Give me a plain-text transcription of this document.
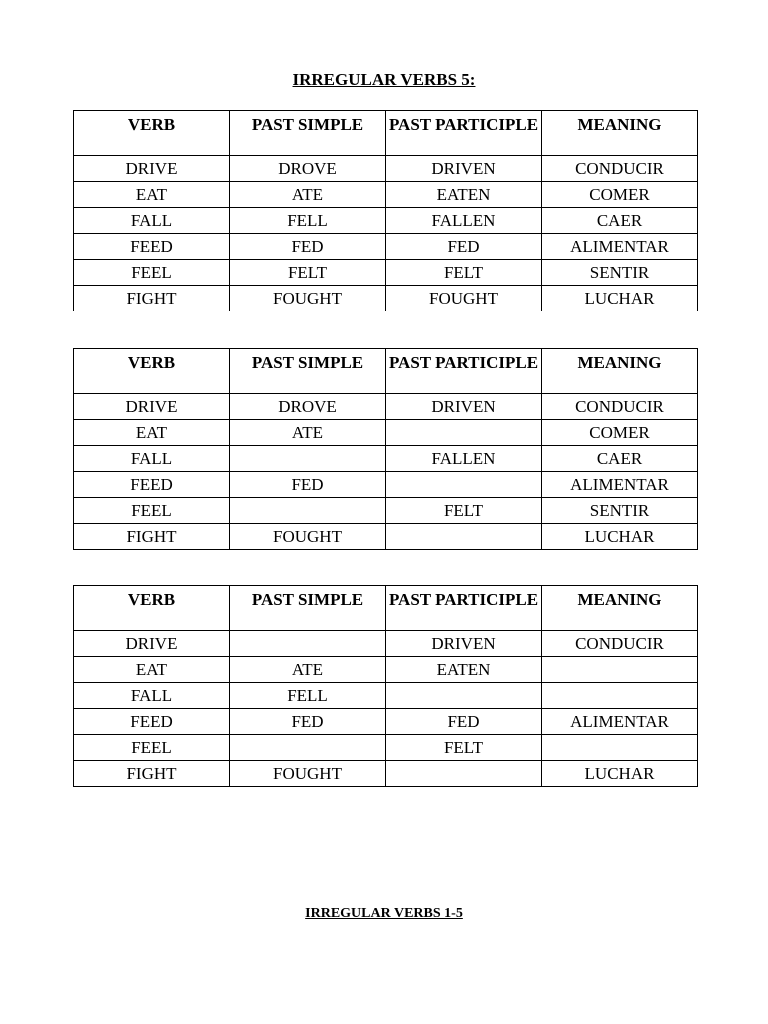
IRREGULAR VERBS 5:
VERB	PAST SIMPLE	PAST PARTICIPLE	MEANING
DRIVE	DROVE	DRIVEN	CONDUCIR
EAT	ATE	EATEN	COMER
FALL	FELL	FALLEN	CAER
FEED	FED	FED	ALIMENTAR
FEEL	FELT	FELT	SENTIR
FIGHT	FOUGHT	FOUGHT	LUCHAR
VERB	PAST SIMPLE	PAST PARTICIPLE	MEANING
DRIVE	DROVE	DRIVEN	CONDUCIR
EAT	ATE		COMER
FALL		FALLEN	CAER
FEED	FED		ALIMENTAR
FEEL		FELT	SENTIR
FIGHT	FOUGHT		LUCHAR
VERB	PAST SIMPLE	PAST PARTICIPLE	MEANING
DRIVE		DRIVEN	CONDUCIR
EAT	ATE	EATEN	
FALL	FELL		
FEED	FED	FED	ALIMENTAR
FEEL		FELT	
FIGHT	FOUGHT		LUCHAR
IRREGULAR VERBS 1-5
